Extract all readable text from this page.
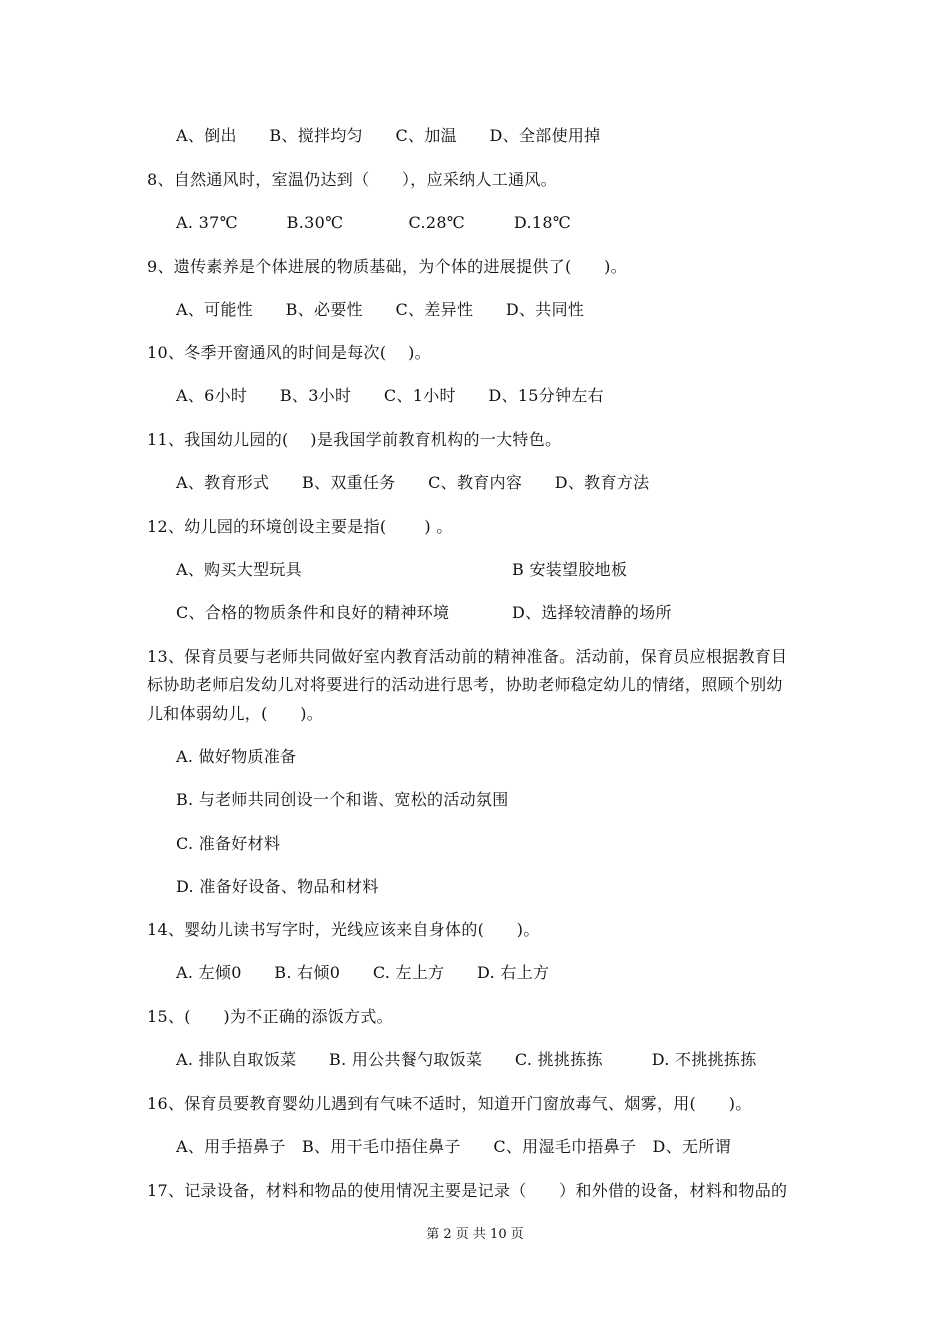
A、倒出　　B、搅拌均匀　　C、加温　　D、全部使用掉
8、自然通风时，室温仍达到（　　），应采纳人工通风。
A. 37℃　　　B.30℃　　　　C.28℃　　　D.18℃
9、遗传素养是个体进展的物质基础，为个体的进展提供了(　　)。
A、可能性　　B、必要性　　C、差异性　　D、共同性
10、冬季开窗通风的时间是每次(　 )。
A、6小时　　B、3小时　　C、1小时　　D、15分钟左右
11、我国幼儿园的(　 )是我国学前教育机构的一大特色。
A、教育形式　　B、双重任务　　C、教育内容　　D、教育方法
12、幼儿园的环境创设主要是指(　　 ) 。
A、购买大型玩具	B 安装望胶地板
C、合格的物质条件和良好的精神环境	D、选择较清静的场所
13、保育员要与老师共同做好室内教育活动前的精神准备。活动前，保育员应根据教育目
标协助老师启发幼儿对将要进行的活动进行思考，协助老师稳定幼儿的情绪，照顾个别幼
儿和体弱幼儿，(　　)。
A. 做好物质准备
B. 与老师共同创设一个和谐、宽松的活动氛围
C. 准备好材料
D. 准备好设备、物品和材料
14、婴幼儿读书写字时，光线应该来自身体的(　　)。
A. 左倾0　　B. 右倾0　　C. 左上方　　D. 右上方
15、(　　)为不正确的添饭方式。
A. 排队自取饭菜　　B. 用公共餐勺取饭菜　　C. 挑挑拣拣　　　D. 不挑挑拣拣
16、保育员要教育婴幼儿遇到有气味不适时，知道开门窗放毒气、烟雾，用(　　)。
A、用手捂鼻子　B、用干毛巾捂住鼻子　　C、用湿毛巾捂鼻子　D、无所谓
17、记录设备，材料和物品的使用情况主要是记录（　　）和外借的设备，材料和物品的
第 2 页 共 10 页
